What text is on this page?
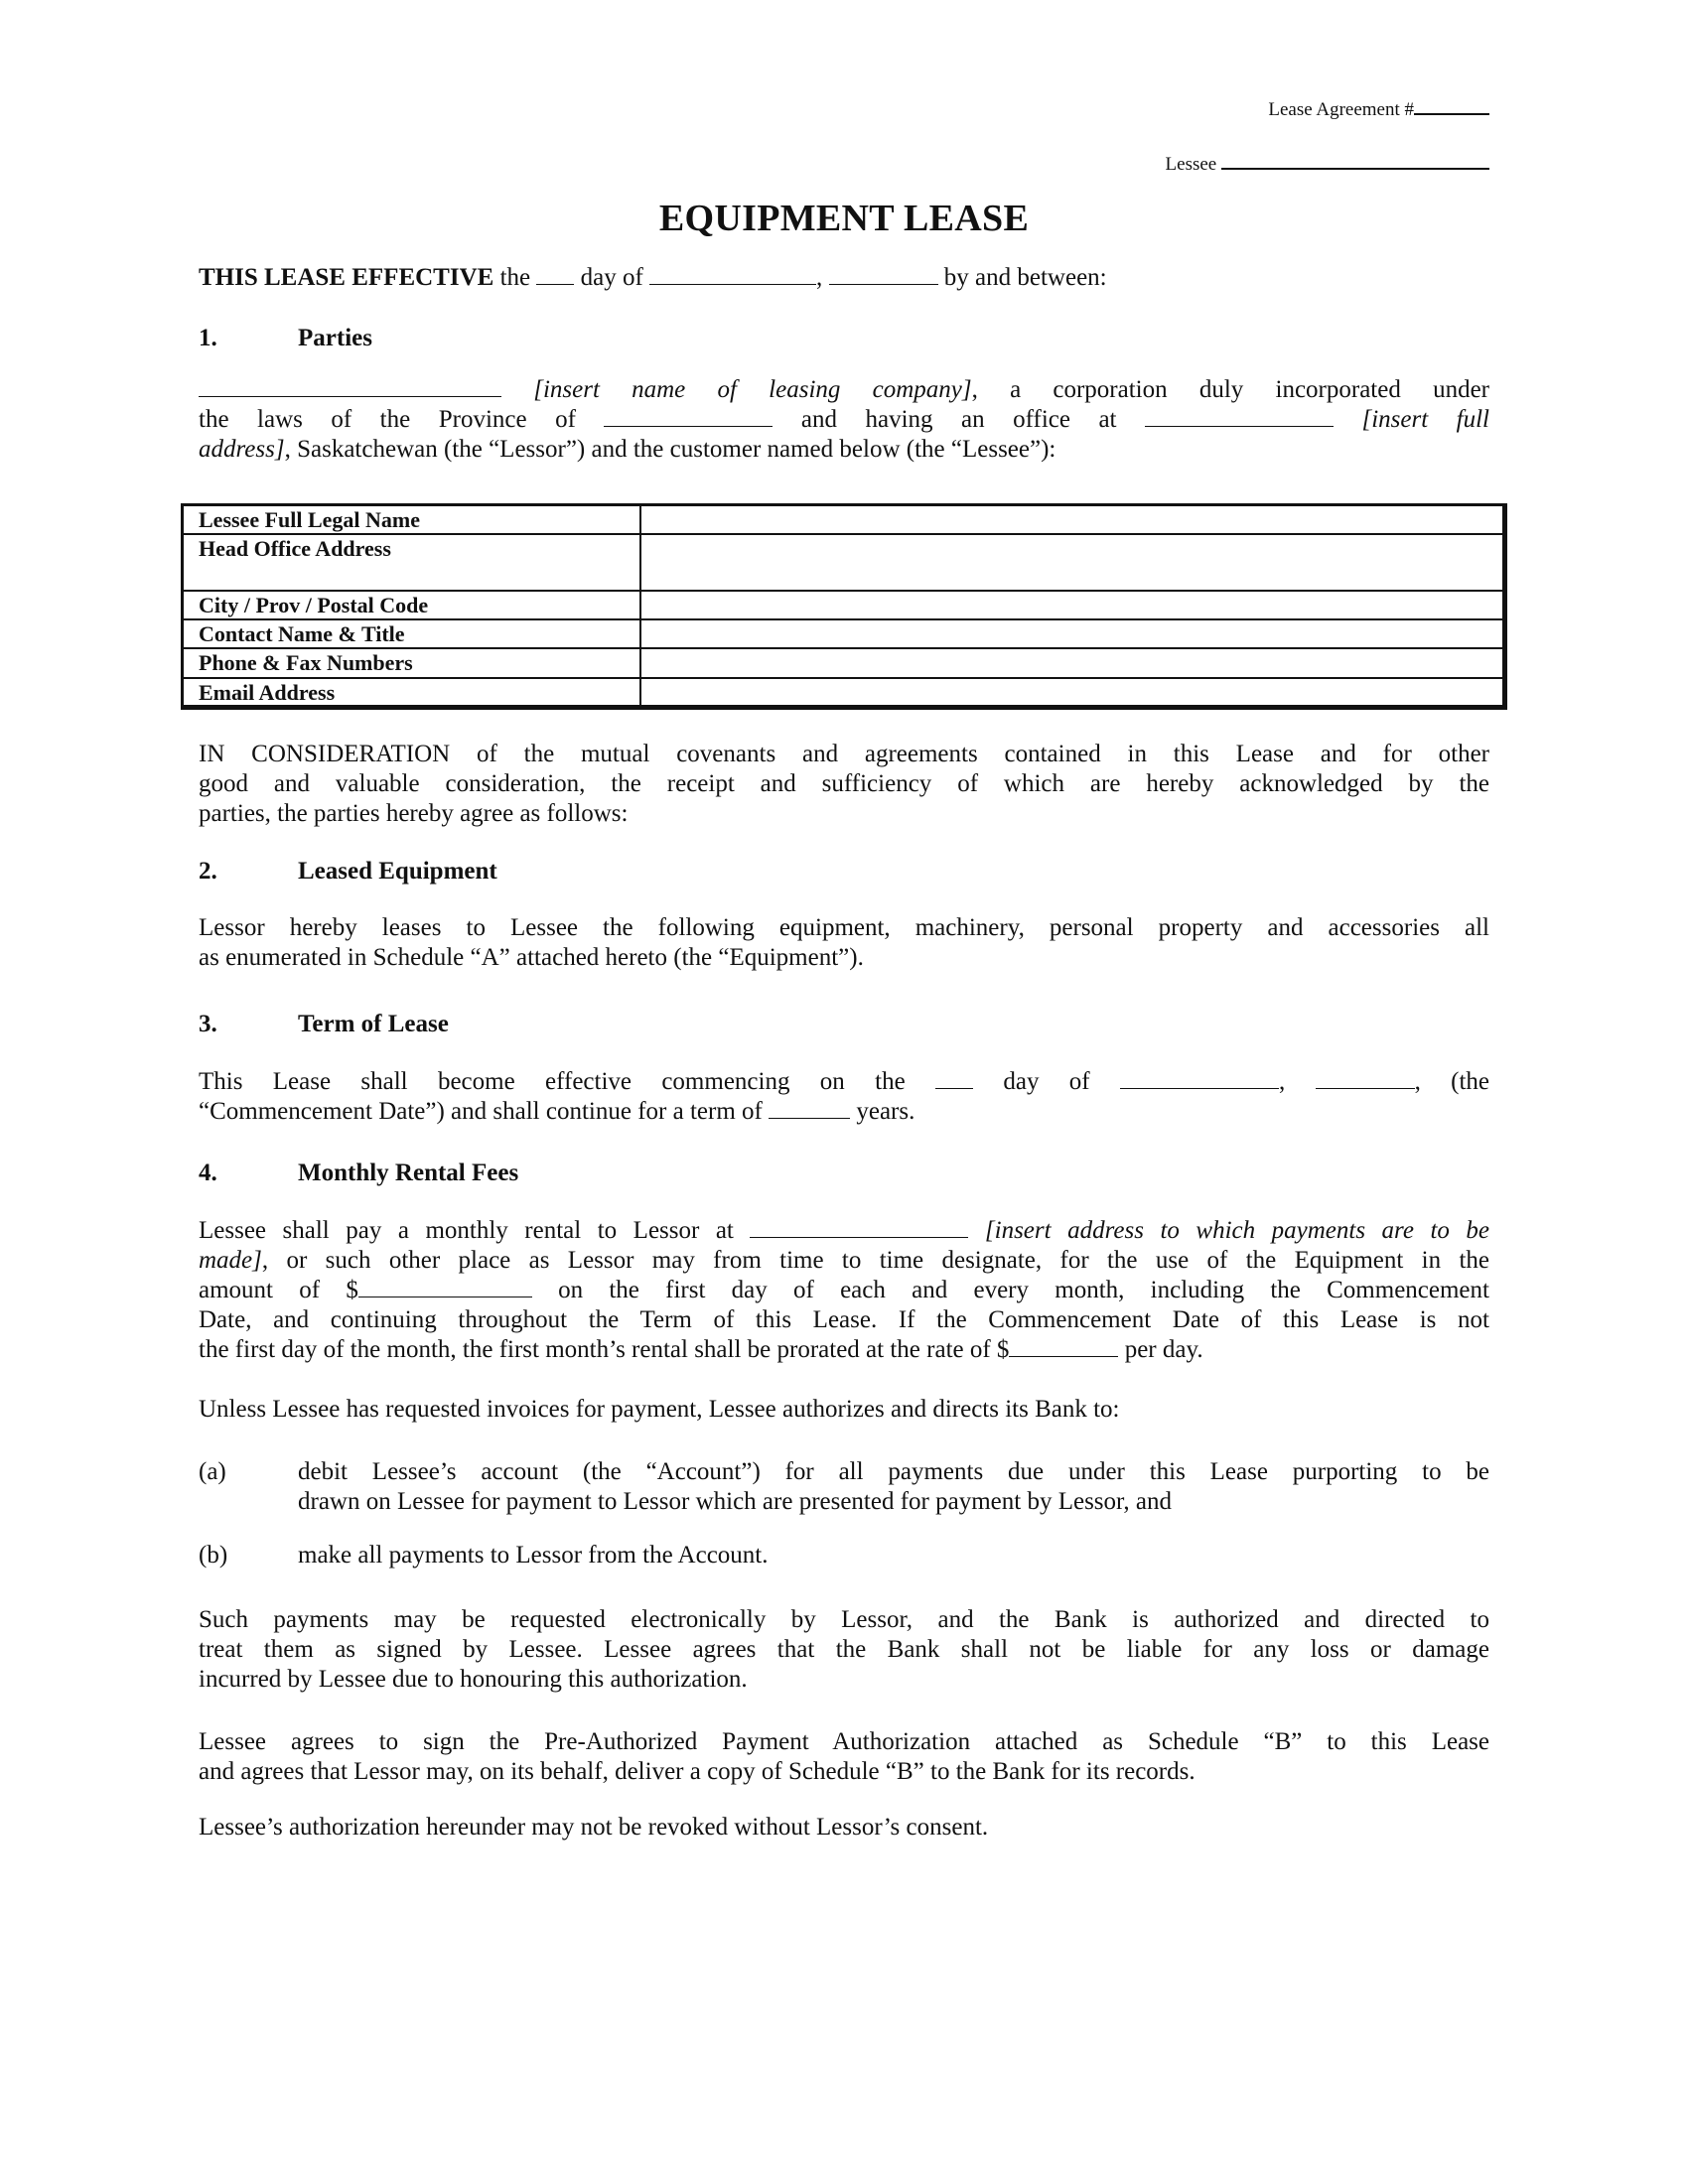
Lease Agreement #
Lessee
EQUIPMENT LEASE
THIS LEASE EFFECTIVE the  day of	,	by and between:
1.	Parties
[insert name of leasing company], a corporation duly incorporated under
the laws of the Province of	and having an office at	[insert full
address], Saskatchewan (the “Lessor”) and the customer named below (the “Lessee”):
Lessee Full Legal Name	
Head Office Address	
City / Prov / Postal Code	
Contact Name & Title	
Phone & Fax Numbers	
Email Address	
IN CONSIDERATION of the mutual covenants and agreements contained in this Lease and for other
good and valuable consideration, the receipt and sufficiency of which are hereby acknowledged by the
parties, the parties hereby agree as follows:
2.	Leased Equipment
Lessor hereby leases to Lessee the following equipment, machinery, personal property and accessories all
as enumerated in Schedule “A” attached hereto (the “Equipment”).
3.	Term of Lease
This Lease shall become effective commencing on the	day of	,	, (the
“Commencement Date”) and shall continue for a term of	years.
4.	Monthly Rental Fees
Lessee shall pay a monthly rental to Lessor at	[insert address to which payments are to be
made], or such other place as Lessor may from time to time designate, for the use of the Equipment in the
amount of $	on the first day of each and every month, including the Commencement
Date, and continuing throughout the Term of this Lease. If the Commencement Date of this Lease is not
the first day of the month, the first month’s rental shall be prorated at the rate of $	per day.
Unless Lessee has requested invoices for payment, Lessee authorizes and directs its Bank to:
(a)	debit Lessee’s account (the “Account”) for all payments due under this Lease purporting to be
drawn on Lessee for payment to Lessor which are presented for payment by Lessor, and
(b)	make all payments to Lessor from the Account.
Such payments may be requested electronically by Lessor, and the Bank is authorized and directed to
treat them as signed by Lessee. Lessee agrees that the Bank shall not be liable for any loss or damage
incurred by Lessee due to honouring this authorization.
Lessee agrees to sign the Pre-Authorized Payment Authorization attached as Schedule “B” to this Lease
and agrees that Lessor may, on its behalf, deliver a copy of Schedule “B” to the Bank for its records.
Lessee’s authorization hereunder may not be revoked without Lessor’s consent.
